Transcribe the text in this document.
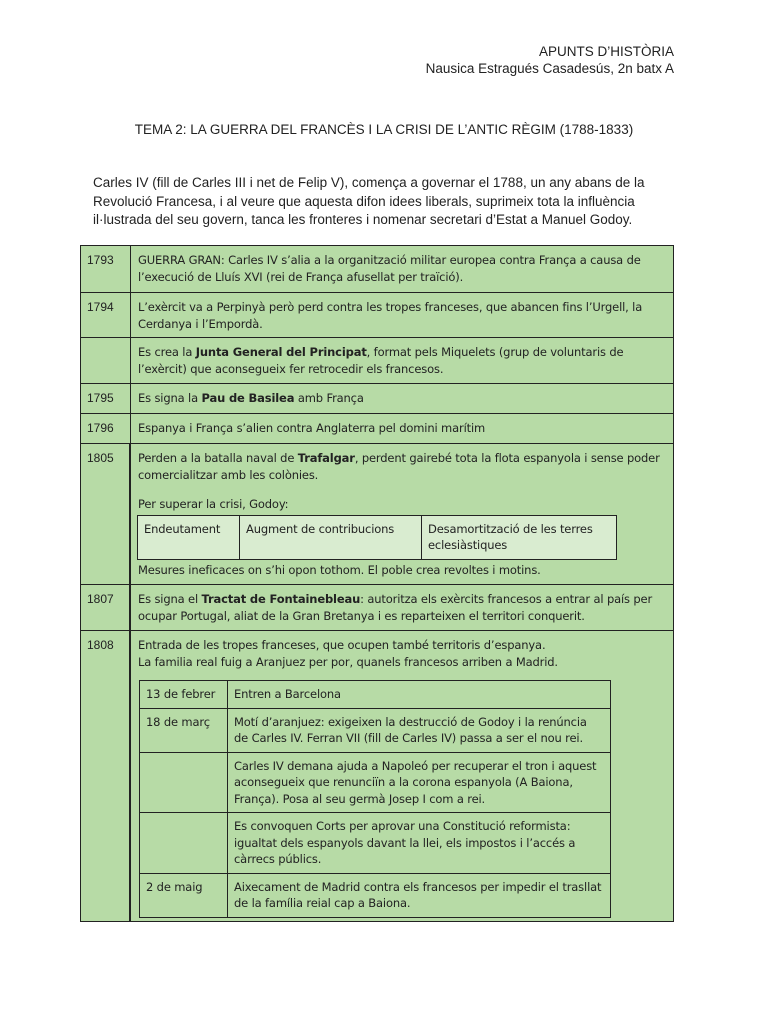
APUNTS D’HISTÒRIA
Nausica Estragués Casadesús, 2n batx A
TEMA 2: LA GUERRA DEL FRANCÈS I LA CRISI DE L’ANTIC RÈGIM (1788-1833)
Carles IV (fill de Carles III i net de Felip V), comença a governar el 1788, un any abans de la Revolució Francesa, i al veure que aquesta difon idees liberals, suprimeix tota la influència il·lustrada del seu govern, tanca les fronteres i nomenar secretari d’Estat a Manuel Godoy.
1793	GUERRA GRAN: Carles IV s’alia a la organització militar europea contra França a causa de l’execució de Lluís XVI (rei de França afusellat per traïció).
1794	L’exèrcit va a Perpinyà però perd contra les tropes franceses, que abancen fins l’Urgell, la Cerdanya i l’Empordà.
Es crea la Junta General del Principat, format pels Miquelets (grup de voluntaris de l’exèrcit) que aconsegueix fer retrocedir els francesos.
1795	Es signa la Pau de Basilea amb França
1796	Espanya i França s’alien contra Anglaterra pel domini marítim
1805	Perden a la batalla naval de Trafalgar, perdent gairebé tota la flota espanyola i sense poder comercialitzar amb les colònies.
Per superar la crisi, Godoy:
Endeutament	Augment de contribucions	Desamortització de les terres eclesiàstiques
Mesures ineficaces on s’hi opon tothom. El poble crea revoltes i motins.
1807	Es signa el Tractat de Fontainebleau: autoritza els exèrcits francesos a entrar al país per ocupar Portugal, aliat de la Gran Bretanya i es reparteixen el territori conquerit.
1808	Entrada de les tropes franceses, que ocupen també territoris d’espanya.
La familia real fuig a Aranjuez per por, quanels francesos arriben a Madrid.
13 de febrer	Entren a Barcelona
18 de març	Motí d’aranjuez: exigeixen la destrucció de Godoy i la renúncia de Carles IV. Ferran VII (fill de Carles IV) passa a ser el nou rei.
	Carles IV demana ajuda a Napoleó per recuperar el tron i aquest aconsegueix que renunciïn a la corona espanyola (A Baiona, França). Posa al seu germà Josep I com a rei.
	Es convoquen Corts per aprovar una Constitució reformista: igualtat dels espanyols davant la llei, els impostos i l’accés a càrrecs públics.
2 de maig	Aixecament de Madrid contra els francesos per impedir el trasllat de la família reial cap a Baiona.
